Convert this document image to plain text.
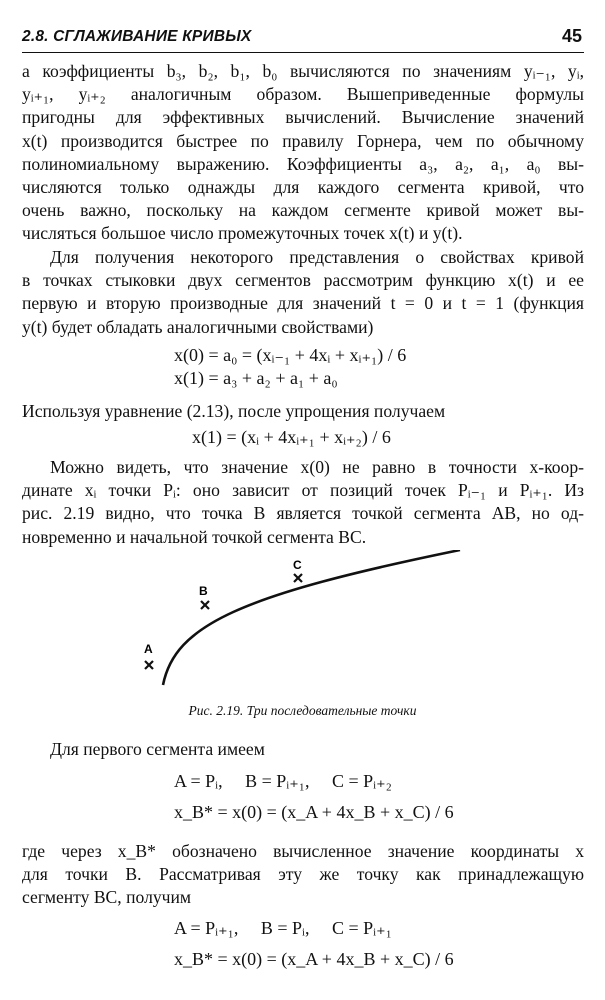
2.8. СГЛАЖИВАНИЕ КРИВЫХ	45
а коэффициенты b₃, b₂, b₁, b₀ вычисляются по значениям yᵢ₋₁, yᵢ,
yᵢ₊₁, yᵢ₊₂ аналогичным образом. Вышеприведенные формулы
пригодны для эффективных вычислений. Вычисление значений
x(t) производится быстрее по правилу Горнера, чем по обычному
полиномиальному выражению. Коэффициенты a₃, a₂, a₁, a₀ вы-
числяются только однажды для каждого сегмента кривой, что
очень важно, поскольку на каждом сегменте кривой может вы-
числяться большое число промежуточных точек x(t) и y(t).
Для получения некоторого представления о свойствах кривой
в точках стыковки двух сегментов рассмотрим функцию x(t) и ее
первую и вторую производные для значений t = 0 и t = 1 (функция
y(t) будет обладать аналогичными свойствами)
x(0) = a₀ = (xᵢ₋₁ + 4xᵢ + xᵢ₊₁) / 6
x(1) = a₃ + a₂ + a₁ + a₀
Используя уравнение (2.13), после упрощения получаем
x(1) = (xᵢ + 4xᵢ₊₁ + xᵢ₊₂) / 6
Можно видеть, что значение x(0) не равно в точности x-коор-
динате xᵢ точки Pᵢ: оно зависит от позиций точек Pᵢ₋₁ и Pᵢ₊₁. Из
рис. 2.19 видно, что точка B является точкой сегмента AB, но од-
новременно и начальной точкой сегмента BC.
A
B
C
Рис. 2.19. Три последовательные точки
Для первого сегмента имеем
A = Pᵢ,     B = Pᵢ₊₁,     C = Pᵢ₊₂
x_B* = x(0) = (x_A + 4x_B + x_C) / 6
где через x_B* обозначено вычисленное значение координаты x
для точки B. Рассматривая эту же точку как принадлежащую
сегменту BC, получим
A = Pᵢ₊₁,     B = Pᵢ,     C = Pᵢ₊₁
x_B* = x(0) = (x_A + 4x_B + x_C) / 6
